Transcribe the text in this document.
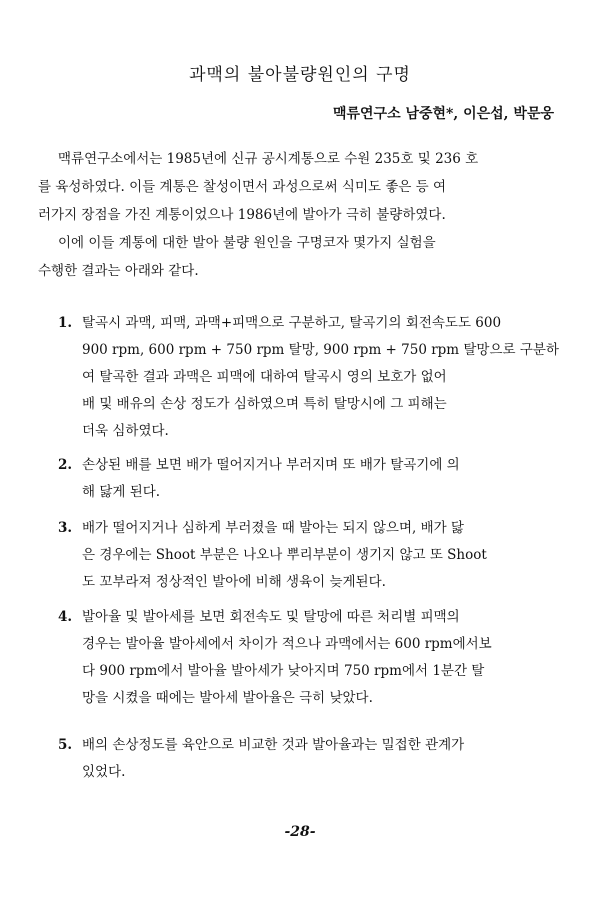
과맥의 불아불량원인의 구명
맥류연구소 남중현*, 이은섭, 박문웅

맥류연구소에서는 1985년에 신규 공시계통으로 수원 235호 및 236 호

를 육성하였다. 이들 계통은 찰성이면서 과성으로써 식미도 좋은 등 여

러가지 장점을 가진 계통이었으나 1986년에 발아가 극히 불량하였다.

이에 이들 계통에 대한 발아 불량 원인을 구명코자 몇가지 실험을

수행한 결과는 아래와 같다.

1. 탈곡시 과맥, 피맥, 과맥+피맥으로 구분하고, 탈곡기의 회전속도도 600
900 rpm, 600 rpm + 750 rpm 탈망, 900 rpm + 750 rpm 탈망으로 구분하
여 탈곡한 결과 과맥은 피맥에 대하여 탈곡시 영의 보호가 없어
배 및 배유의 손상 정도가 심하였으며 특히 탈망시에 그 피해는
더욱 심하였다.
2. 손상된 배를 보면 배가 떨어지거나 부러지며 또 배가 탈곡기에 의
해 닳게 된다.
3. 배가 떨어지거나 심하게 부러졌을 때 발아는 되지 않으며, 배가 닳
은 경우에는 Shoot 부분은 나오나 뿌리부분이 생기지 않고 또 Shoot
도 꼬부라져 정상적인 발아에 비해 생육이 늦게된다.
4. 발아율 및 발아세를 보면 회전속도 및 탈망에 따른 처리별 피맥의
경우는 발아율 발아세에서 차이가 적으나 과맥에서는 600 rpm에서보
다 900 rpm에서 발아율 발아세가 낮아지며 750 rpm에서 1분간 탈
망을 시켰을 때에는 발아세 발아율은 극히 낮았다.
5. 배의 손상정도를 육안으로 비교한 것과 발아율과는 밀접한 관계가
있었다.
-28-
